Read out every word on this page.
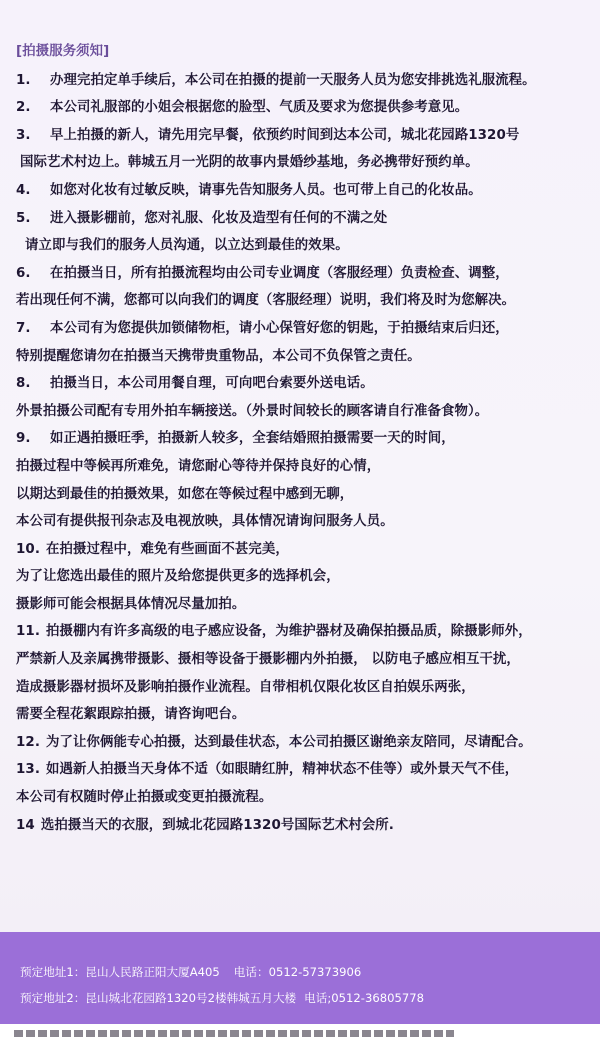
[拍摄服务须知]
1. 办理完拍定单手续后，本公司在拍摄的提前一天服务人员为您安排挑选礼服流程。
2. 本公司礼服部的小姐会根据您的脸型、气质及要求为您提供参考意见。
3. 早上拍摄的新人，请先用完早餐，依预约时间到达本公司，城北花园路1320号
国际艺术村边上。韩城五月一光阴的故事内景婚纱基地，务必携带好预约单。
4. 如您对化妆有过敏反映，请事先告知服务人员。也可带上自己的化妆品。
5. 进入摄影棚前，您对礼服、化妆及造型有任何的不满之处
请立即与我们的服务人员沟通，以立达到最佳的效果。
6. 在拍摄当日，所有拍摄流程均由公司专业调度（客服经理）负责检查、调整，
若出现任何不满，您都可以向我们的调度（客服经理）说明，我们将及时为您解决。
7. 本公司有为您提供加锁储物柜，请小心保管好您的钥匙，于拍摄结束后归还，
特别提醒您请勿在拍摄当天携带贵重物品，本公司不负保管之责任。
8. 拍摄当日，本公司用餐自理，可向吧台索要外送电话。
外景拍摄公司配有专用外拍车辆接送。（外景时间较长的顾客请自行准备食物）。
9. 如正遇拍摄旺季，拍摄新人较多，全套结婚照拍摄需要一天的时间，
拍摄过程中等候再所难免，请您耐心等待并保持良好的心情，
以期达到最佳的拍摄效果，如您在等候过程中感到无聊，
本公司有提供报刊杂志及电视放映，具体情况请询问服务人员。
10. 在拍摄过程中，难免有些画面不甚完美，
为了让您选出最佳的照片及给您提供更多的选择机会，
摄影师可能会根据具体情况尽量加拍。
11. 拍摄棚内有许多高级的电子感应设备，为维护器材及确保拍摄品质，除摄影师外，
严禁新人及亲属携带摄影、摄相等设备于摄影棚内外拍摄， 以防电子感应相互干扰，
造成摄影器材损坏及影响拍摄作业流程。自带相机仅限化妆区自拍娱乐两张，
需要全程花絮跟踪拍摄，请咨询吧台。
12. 为了让你俩能专心拍摄，达到最佳状态，本公司拍摄区谢绝亲友陪同，尽请配合。
13. 如遇新人拍摄当天身体不适（如眼睛红肿，精神状态不佳等）或外景天气不佳，
本公司有权随时停止拍摄或变更拍摄流程。
14 选拍摄当天的衣服，到城北花园路1320号国际艺术村会所.
预定地址1：昆山人民路正阳大厦A405 电话：0512-57373906
预定地址2：昆山城北花园路1320号2楼韩城五月大楼 电话;0512-36805778
